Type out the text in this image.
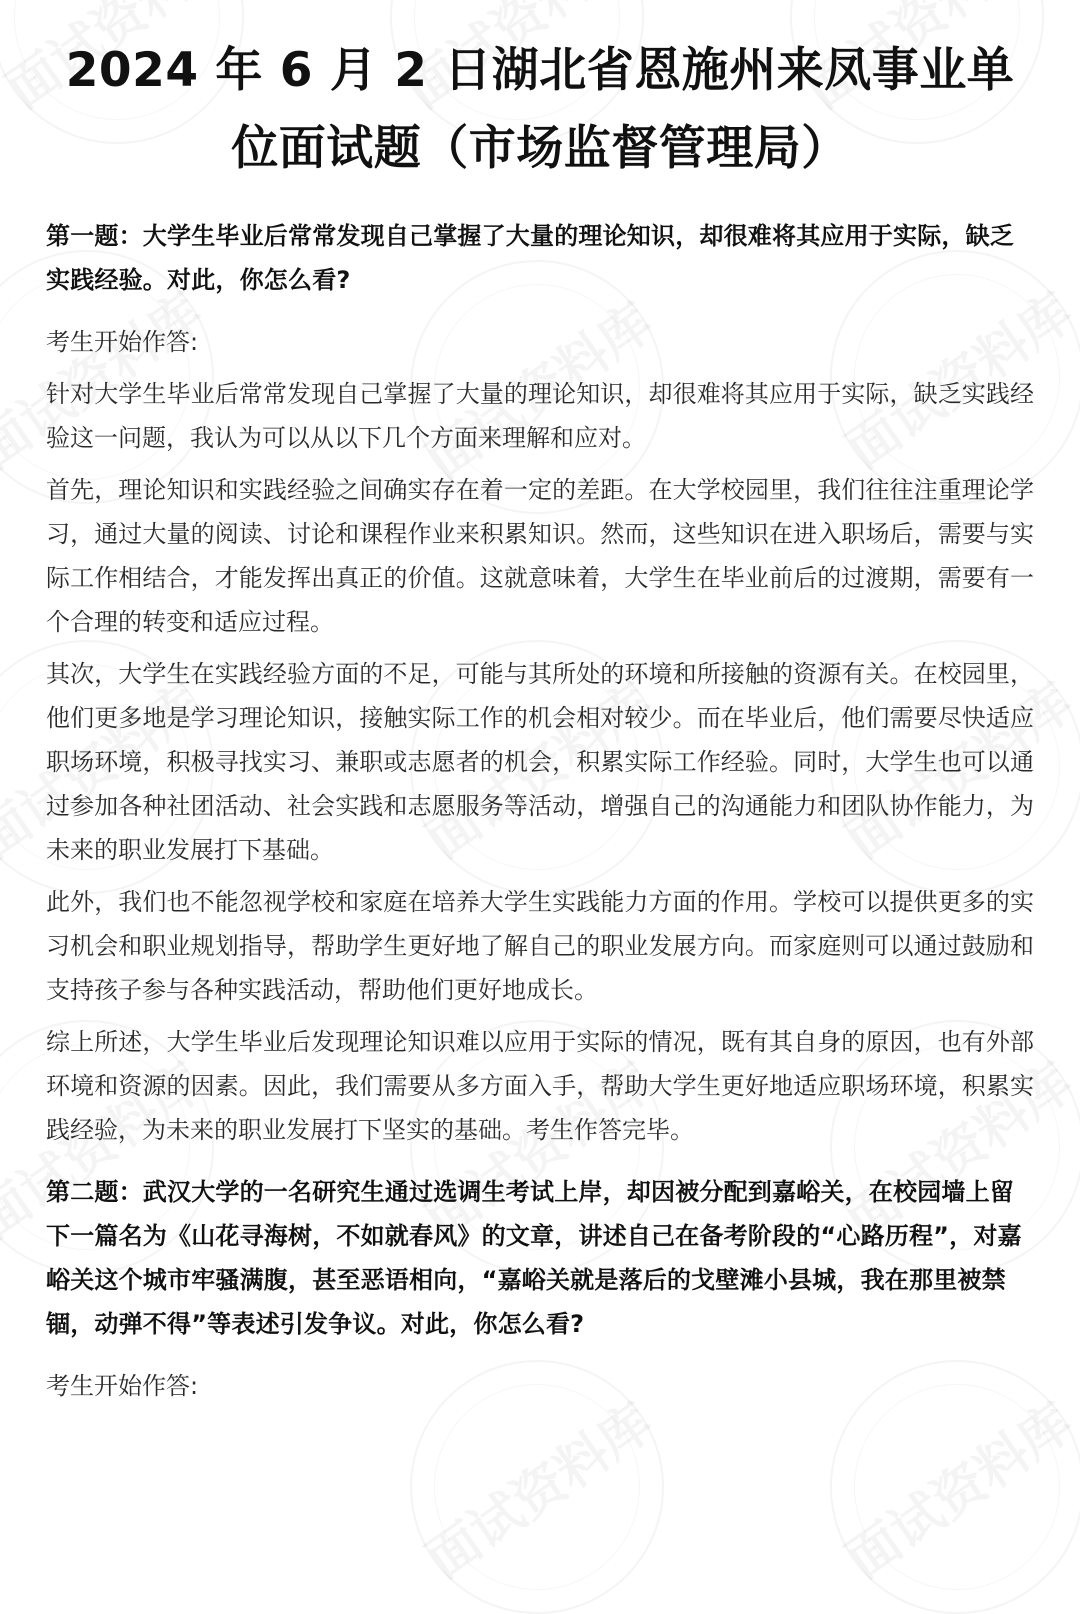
2024 年 6 月 2 日湖北省恩施州来凤事业单位面试题（市场监督管理局）

第一题：大学生毕业后常常发现自己掌握了大量的理论知识，却很难将其应用于实际，缺乏实践经验。对此，你怎么看?

考生开始作答:

针对大学生毕业后常常发现自己掌握了大量的理论知识，却很难将其应用于实际，缺乏实践经验这一问题，我认为可以从以下几个方面来理解和应对。

首先，理论知识和实践经验之间确实存在着一定的差距。在大学校园里，我们往往注重理论学习，通过大量的阅读、讨论和课程作业来积累知识。然而，这些知识在进入职场后，需要与实际工作相结合，才能发挥出真正的价值。这就意味着，大学生在毕业前后的过渡期，需要有一个合理的转变和适应过程。

其次，大学生在实践经验方面的不足，可能与其所处的环境和所接触的资源有关。在校园里，他们更多地是学习理论知识，接触实际工作的机会相对较少。而在毕业后，他们需要尽快适应职场环境，积极寻找实习、兼职或志愿者的机会，积累实际工作经验。同时，大学生也可以通过参加各种社团活动、社会实践和志愿服务等活动，增强自己的沟通能力和团队协作能力，为未来的职业发展打下基础。

此外，我们也不能忽视学校和家庭在培养大学生实践能力方面的作用。学校可以提供更多的实习机会和职业规划指导，帮助学生更好地了解自己的职业发展方向。而家庭则可以通过鼓励和支持孩子参与各种实践活动，帮助他们更好地成长。

综上所述，大学生毕业后发现理论知识难以应用于实际的情况，既有其自身的原因，也有外部环境和资源的因素。因此，我们需要从多方面入手，帮助大学生更好地适应职场环境，积累实践经验，为未来的职业发展打下坚实的基础。考生作答完毕。

第二题：武汉大学的一名研究生通过选调生考试上岸，却因被分配到嘉峪关，在校园墙上留下一篇名为《山花寻海树，不如就春风》的文章，讲述自己在备考阶段的“心路历程”，对嘉峪关这个城市牢骚满腹，甚至恶语相向，“嘉峪关就是落后的戈壁滩小县城，我在那里被禁锢，动弹不得”等表述引发争议。对此，你怎么看?

考生开始作答:
